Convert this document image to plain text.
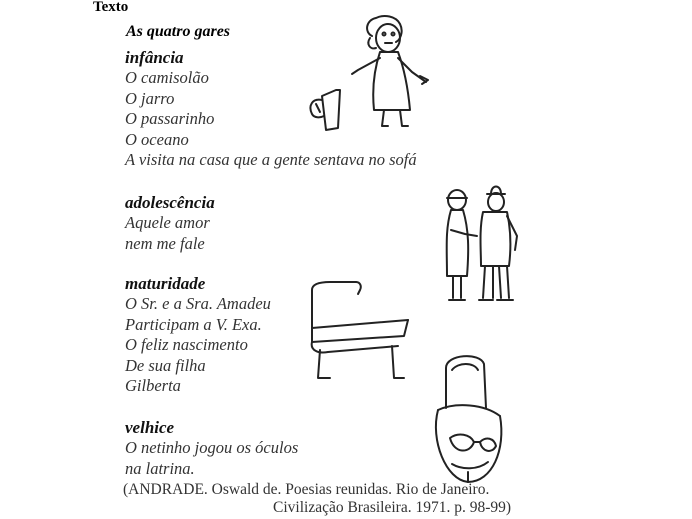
Texto
As quatro gares
infância
O camisolão
O jarro
O passarinho
O oceano
A visita na casa que a gente sentava no sofá
adolescência
Aquele amor
nem me fale
maturidade
O Sr. e a Sra. Amadeu
Participam a V. Exa.
O feliz nascimento
De sua filha
Gilberta
velhice
O netinho jogou os óculos
na latrina.
(ANDRADE. Oswald de. Poesias reunidas. Rio de Janeiro.
Civilização Brasileira. 1971. p. 98-99)
